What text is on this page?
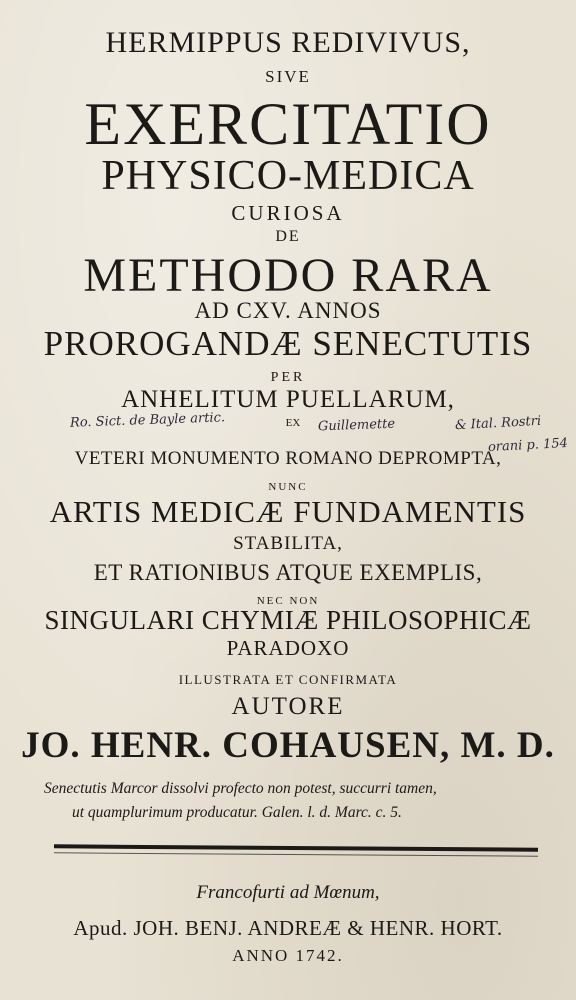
HERMIPPUS REDIVIVUS,
SIVE
EXERCITATIO
PHYSICO-MEDICA
CURIOSA
DE
METHODO RARA
AD CXV. ANNOS
PROROGANDÆ SENECTUTIS
PER
ANHELITUM PUELLARUM,
EX
VETERI MONUMENTO ROMANO DEPROMPTA,
NUNC
ARTIS MEDICÆ FUNDAMENTIS
STABILITA,
ET RATIONIBUS ATQUE EXEMPLIS,
NEC NON
SINGULARI CHYMIÆ PHILOSOPHICÆ
PARADOXO
ILLUSTRATA ET CONFIRMATA
AUTORE
JO. HENR. COHAUSEN, M. D.
Ro. Sict. de Bayle artic.	Guillemette	& Ital. Rostri
orani p. 154
Senectutis Marcor dissolvi profecto non potest, succurri tamen,
ut quamplurimum producatur. Galen. l. d. Marc. c. 5.
Francofurti ad Mœnum,
Apud. JOH. BENJ. ANDREÆ & HENR. HORT.
ANNO 1742.
